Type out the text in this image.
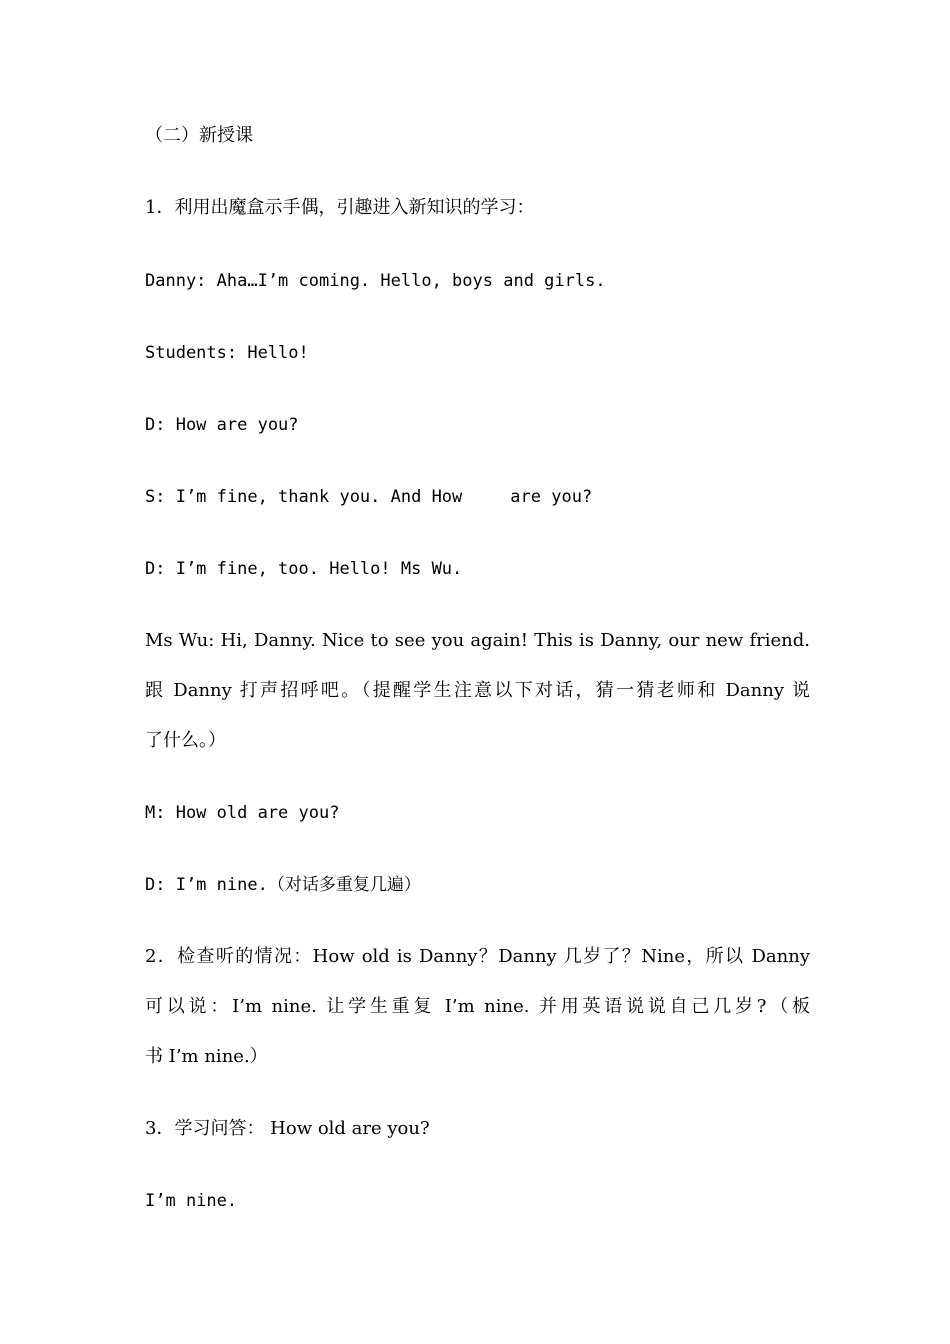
（二）新授课
1．利用出魔盒示手偶，引趣进入新知识的学习：
Danny: Aha…I’m coming. Hello, boys and girls.
Students: Hello!
D: How are you?
S: I’m fine, thank you. And How	are you?
D: I’m fine, too. Hello! Ms Wu.
Ms Wu: Hi, Danny. Nice to see you again! This is Danny, our new friend.
跟 Danny 打声招呼吧。（提醒学生注意以下对话，猜一猜老师和 Danny 说
了什么。）
M: How old are you?
D: I’m nine.（对话多重复几遍）
2．检查听的情况：How old is Danny？Danny 几岁了？Nine，所以 Danny
可以说：I’m nine. 让学生重复 I’m nine. 并用英语说说自己几岁?（板
书 I’m nine.）
3．学习问答： How old are you?
I’m nine.
